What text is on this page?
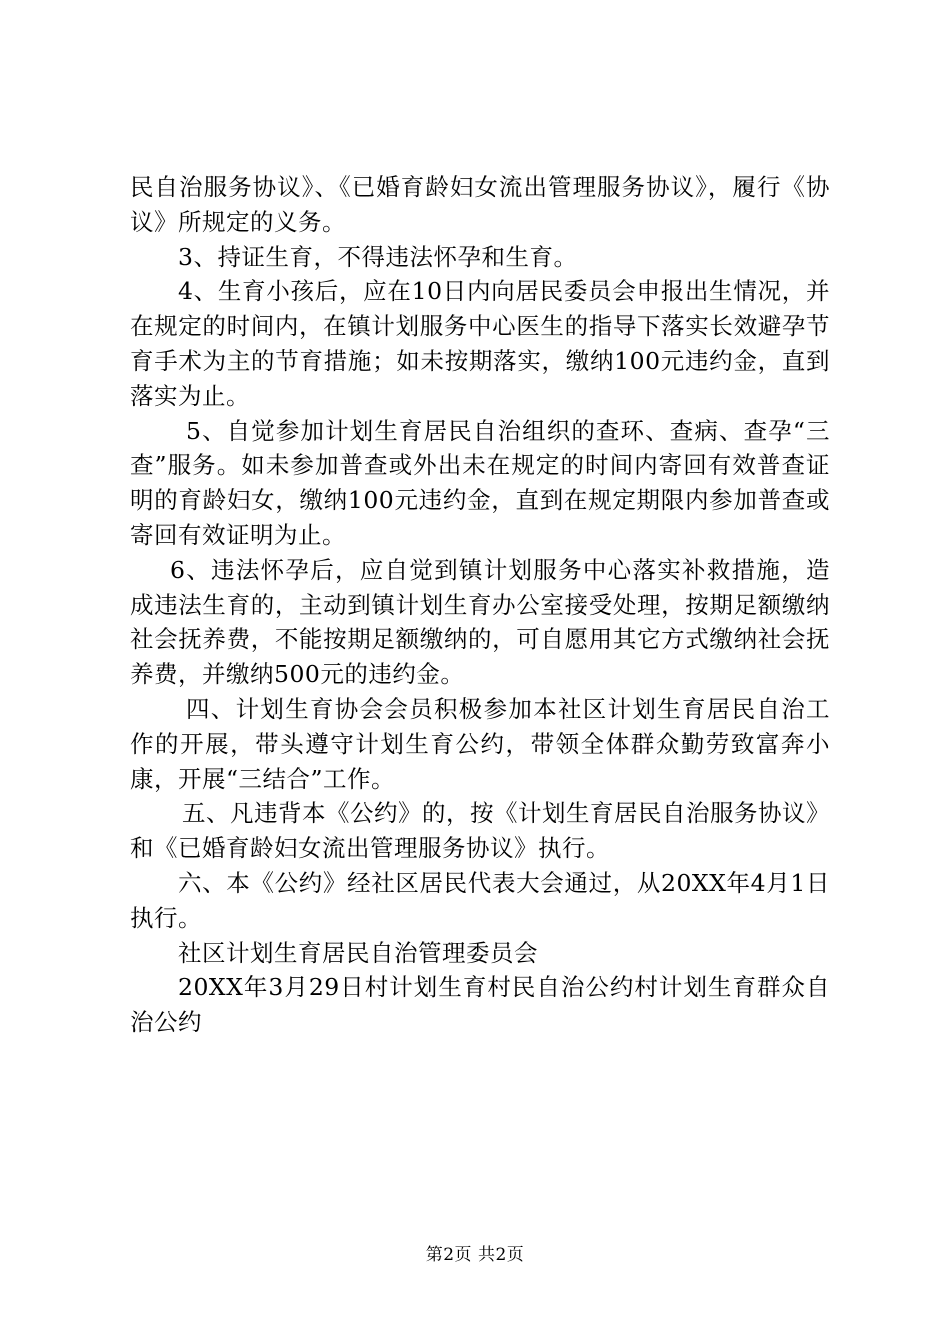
民自治服务协议》、《已婚育龄妇女流出管理服务协议》，履行《协议》所规定的义务。

3、持证生育，不得违法怀孕和生育。

4、生育小孩后，应在10日内向居民委员会申报出生情况，并在规定的时间内，在镇计划服务中心医生的指导下落实长效避孕节育手术为主的节育措施；如未按期落实，缴纳100元违约金，直到落实为止。

5、自觉参加计划生育居民自治组织的查环、查病、查孕“三查”服务。如未参加普查或外出未在规定的时间内寄回有效普查证明的育龄妇女，缴纳100元违约金，直到在规定期限内参加普查或寄回有效证明为止。

6、违法怀孕后，应自觉到镇计划服务中心落实补救措施，造成违法生育的，主动到镇计划生育办公室接受处理，按期足额缴纳社会抚养费，不能按期足额缴纳的，可自愿用其它方式缴纳社会抚养费，并缴纳500元的违约金。

四、计划生育协会会员积极参加本社区计划生育居民自治工作的开展，带头遵守计划生育公约，带领全体群众勤劳致富奔小康，开展“三结合”工作。

五、凡违背本《公约》的，按《计划生育居民自治服务协议》和《已婚育龄妇女流出管理服务协议》执行。

六、本《公约》经社区居民代表大会通过，从20XX年4月1日执行。

社区计划生育居民自治管理委员会

20XX年3月29日村计划生育村民自治公约村计划生育群众自治公约

第2页 共2页
